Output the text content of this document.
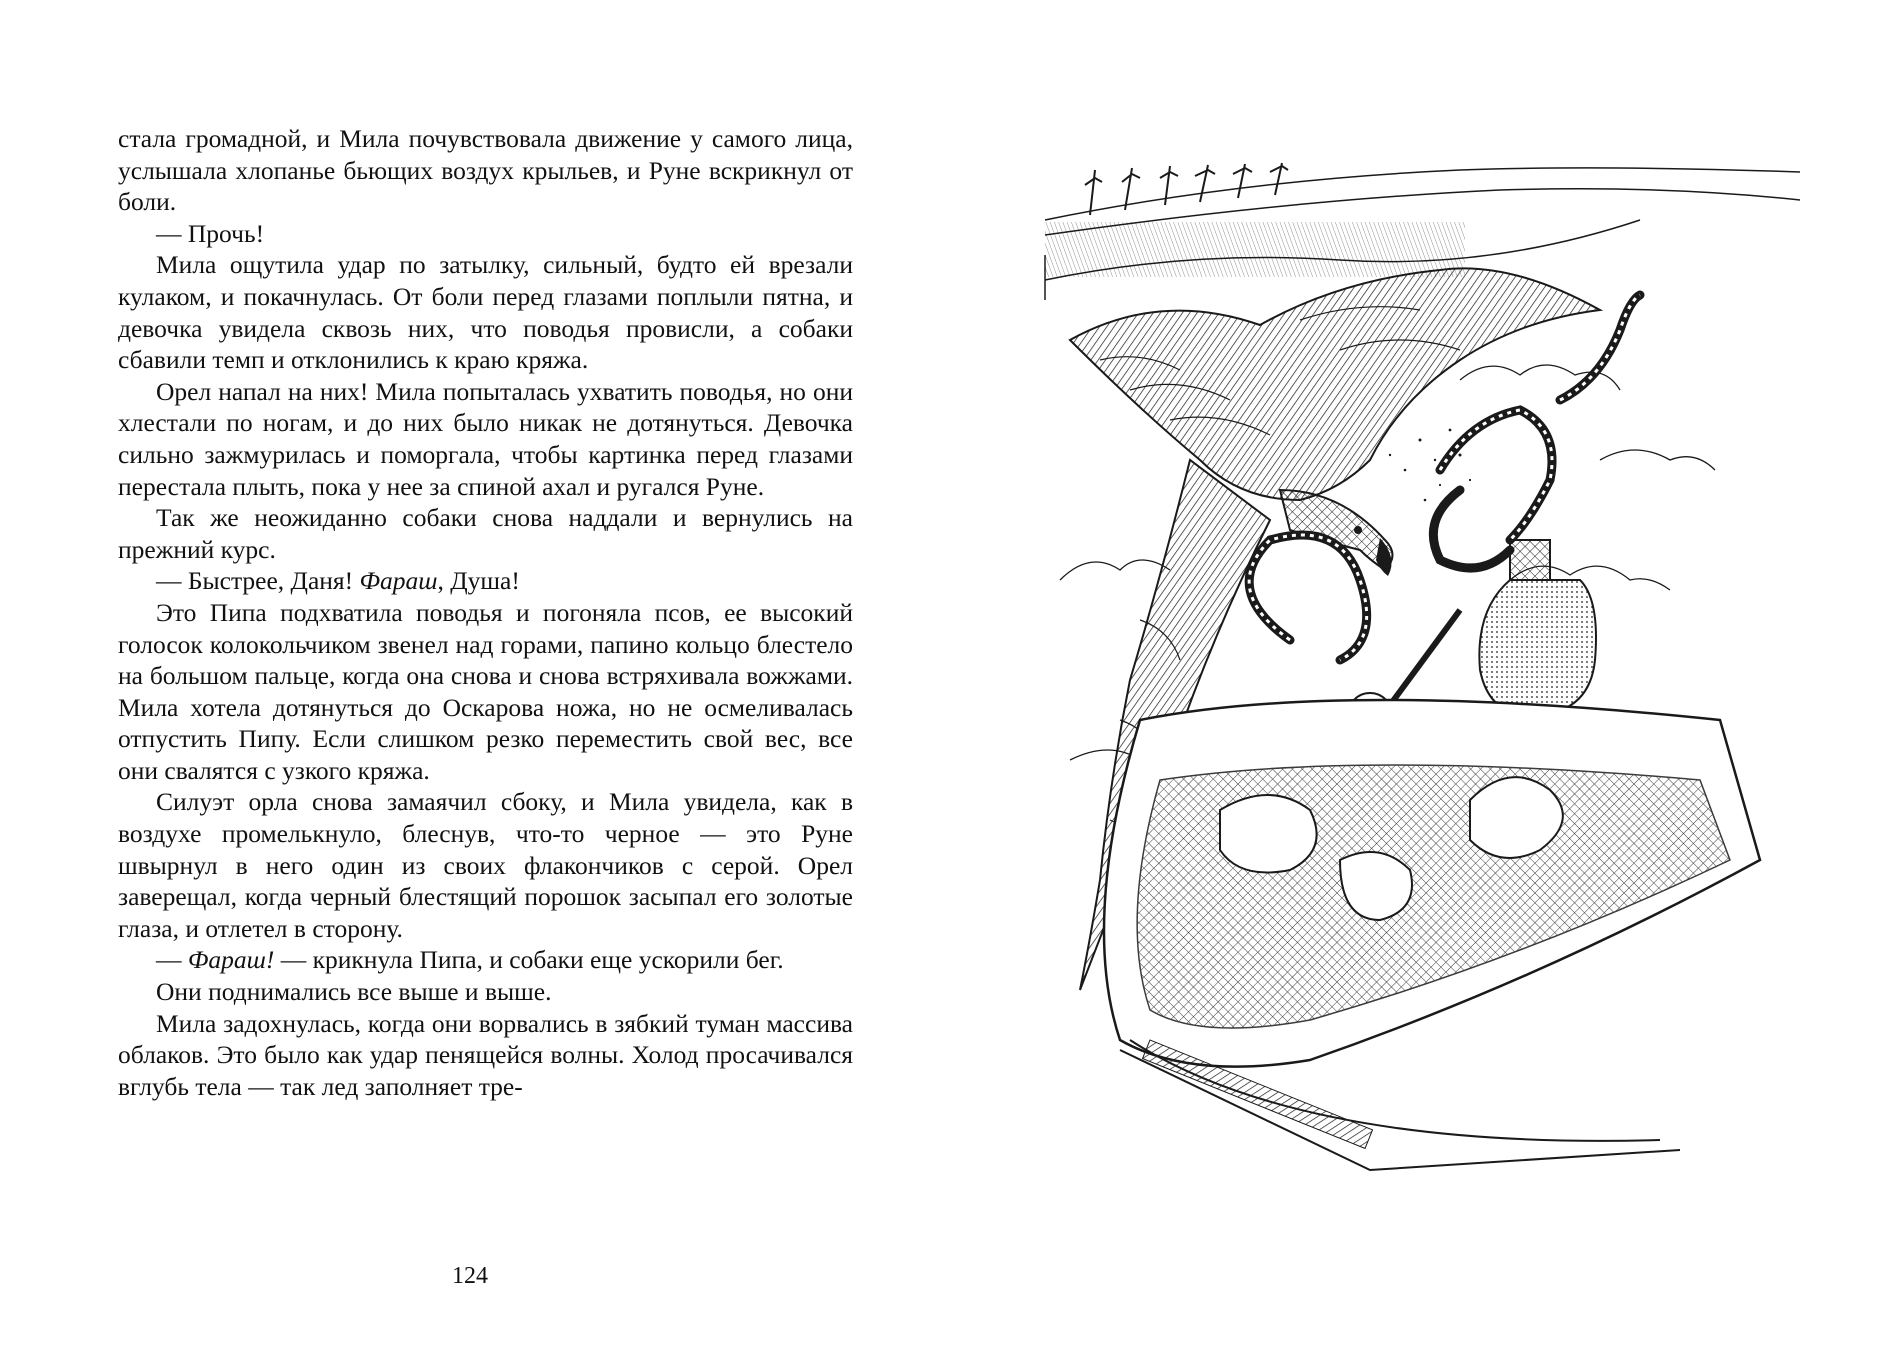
стала громадной, и Мила почувствовала движение у самого лица, услышала хлопанье бьющих воздух крыльев, и Руне вскрикнул от боли.

— Прочь!

Мила ощутила удар по затылку, сильный, будто ей врезали кулаком, и покачнулась. От боли перед глазами поплыли пятна, и девочка увидела сквозь них, что поводья провисли, а собаки сбавили темп и отклонились к краю кряжа.

Орел напал на них! Мила попыталась ухватить поводья, но они хлестали по ногам, и до них было никак не дотянуться. Девочка сильно зажмурилась и поморгала, чтобы картинка перед глазами перестала плыть, пока у нее за спиной ахал и ругался Руне.

Так же неожиданно собаки снова наддали и вернулись на прежний курс.

— Быстрее, Даня! Фараш, Душа!

Это Пипа подхватила поводья и погоняла псов, ее высокий голосок колокольчиком звенел над горами, папино кольцо блестело на большом пальце, когда она снова и снова встряхивала вожжами. Мила хотела дотянуться до Оскарова ножа, но не осмеливалась отпустить Пипу. Если слишком резко переместить свой вес, все они свалятся с узкого кряжа.

Силуэт орла снова замаячил сбоку, и Мила увидела, как в воздухе промелькнуло, блеснув, что-то черное — это Руне швырнул в него один из своих флакончиков с серой. Орел заверещал, когда черный блестящий порошок засыпал его золотые глаза, и отлетел в сторону.

— Фараш! — крикнула Пипа, и собаки еще ускорили бег.

Они поднимались все выше и выше.

Мила задохнулась, когда они ворвались в зябкий туман массива облаков. Это было как удар пенящейся волны. Холод просачивался вглубь тела — так лед заполняет тре-

124
